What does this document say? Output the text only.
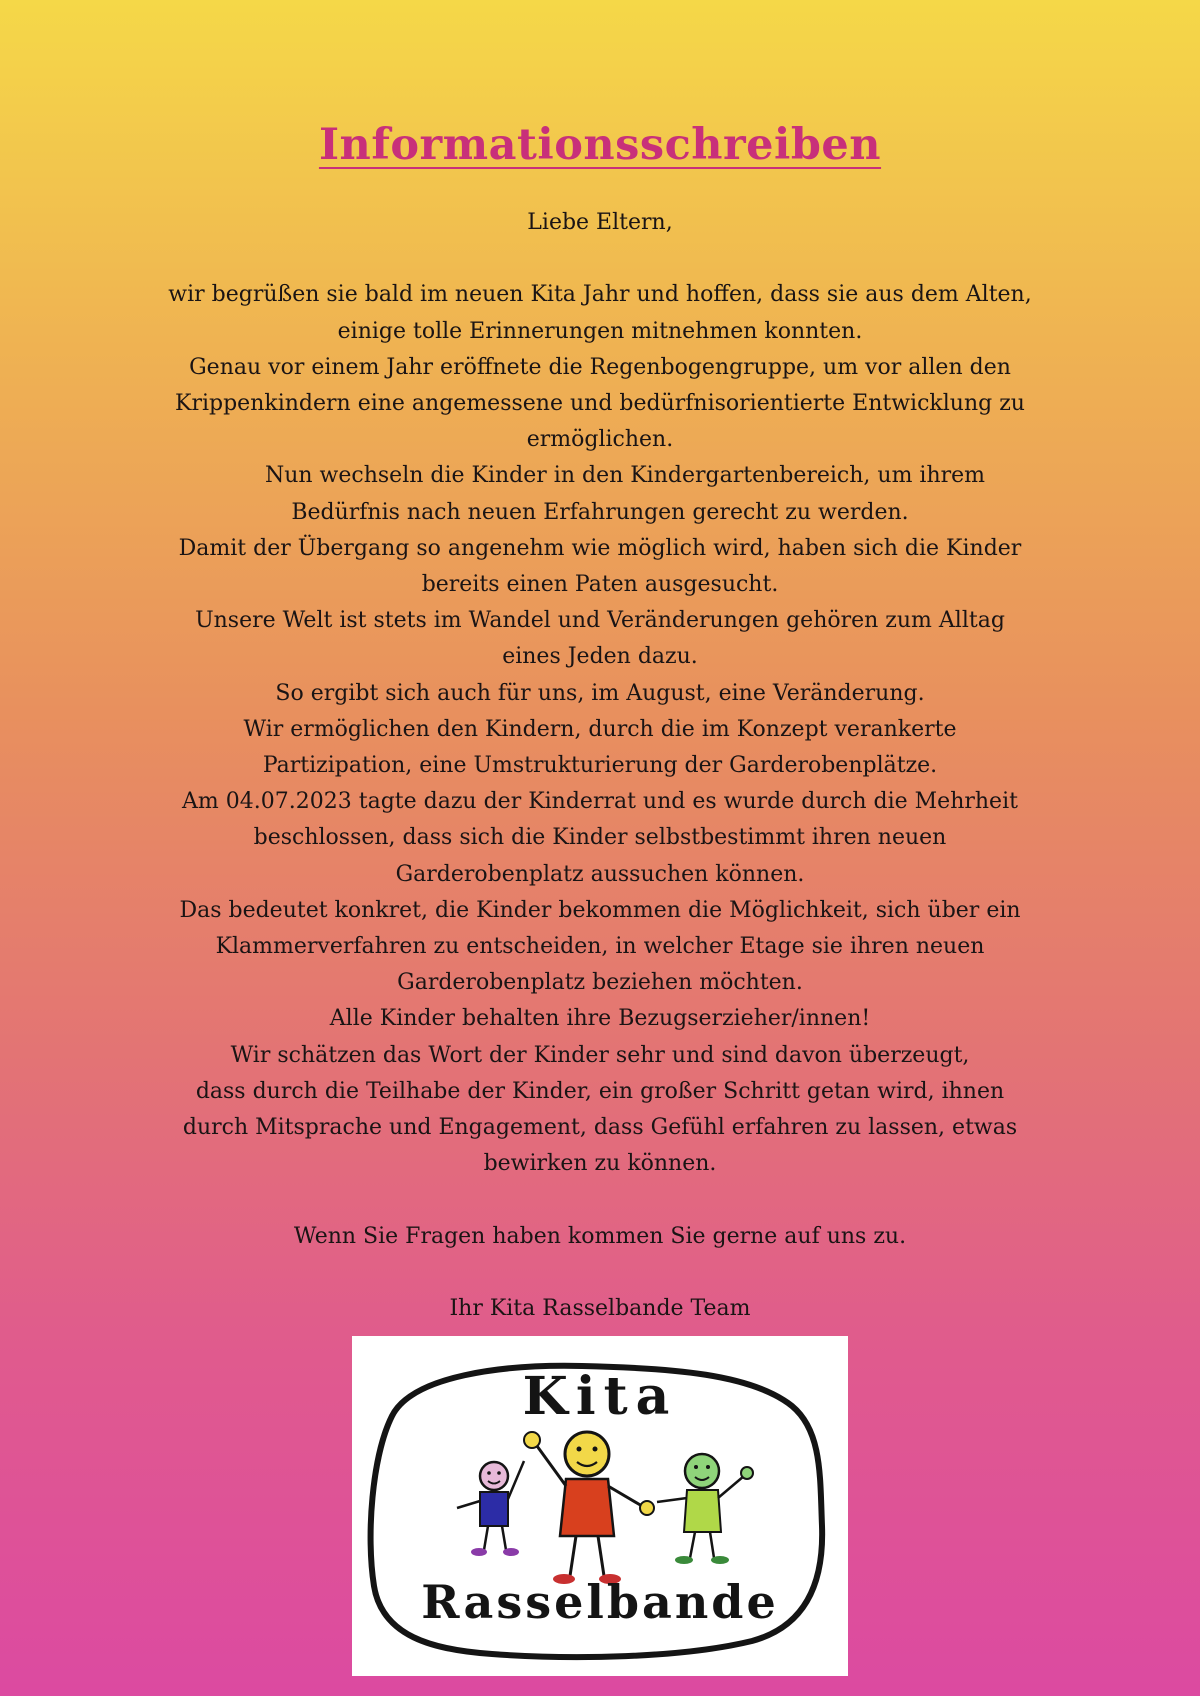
Informationsschreiben
Liebe Eltern,
wir begrüßen sie bald im neuen Kita Jahr und hoffen, dass sie aus dem Alten,
einige tolle Erinnerungen mitnehmen konnten.
Genau vor einem Jahr eröffnete die Regenbogengruppe, um vor allen den
Krippenkindern eine angemessene und bedürfnisorientierte Entwicklung zu
ermöglichen.
Nun wechseln die Kinder in den Kindergartenbereich, um ihrem
Bedürfnis nach neuen Erfahrungen gerecht zu werden.
Damit der Übergang so angenehm wie möglich wird, haben sich die Kinder
bereits einen Paten ausgesucht.
Unsere Welt ist stets im Wandel und Veränderungen gehören zum Alltag
eines Jeden dazu.
So ergibt sich auch für uns, im August, eine Veränderung.
Wir ermöglichen den Kindern, durch die im Konzept verankerte
Partizipation, eine Umstrukturierung der Garderobenplätze.
Am 04.07.2023 tagte dazu der Kinderrat und es wurde durch die Mehrheit
beschlossen, dass sich die Kinder selbstbestimmt ihren neuen
Garderobenplatz aussuchen können.
Das bedeutet konkret, die Kinder bekommen die Möglichkeit, sich über ein
Klammerverfahren zu entscheiden, in welcher Etage sie ihren neuen
Garderobenplatz beziehen möchten.
Alle Kinder behalten ihre Bezugserzieher/innen!
Wir schätzen das Wort der Kinder sehr und sind davon überzeugt,
dass durch die Teilhabe der Kinder, ein großer Schritt getan wird, ihnen
durch Mitsprache und Engagement, dass Gefühl erfahren zu lassen, etwas
bewirken zu können.
Wenn Sie Fragen haben kommen Sie gerne auf uns zu.
Ihr Kita Rasselbande Team
Kita
Rasselbande
